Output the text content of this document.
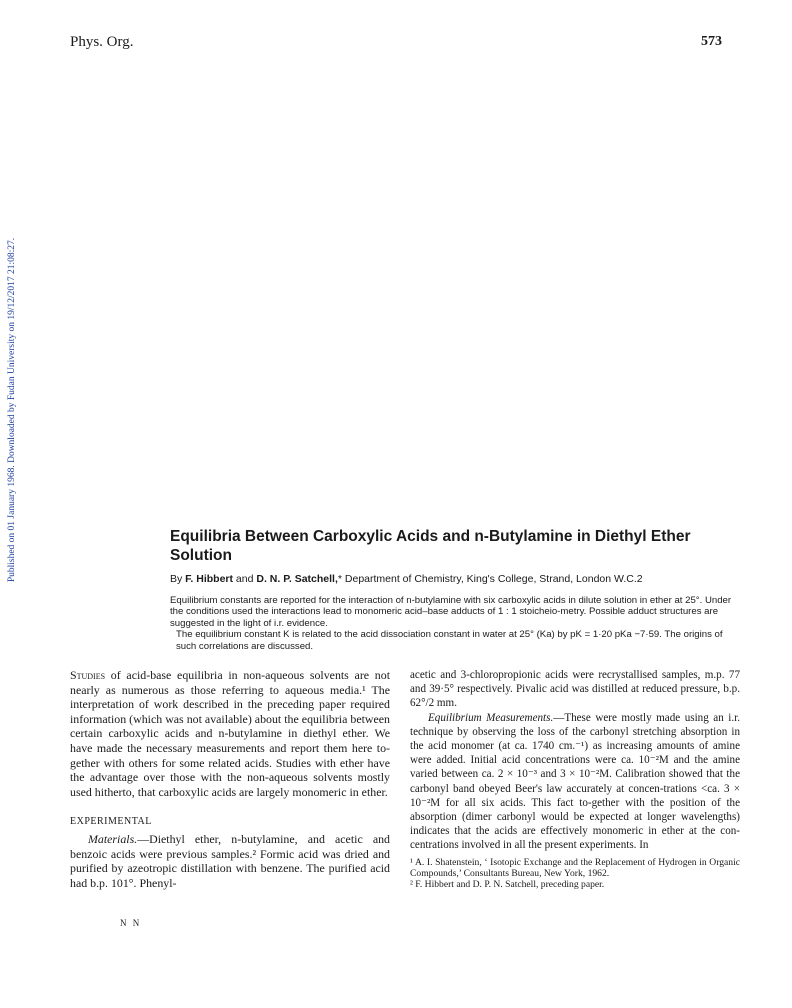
Phys. Org.	573
Published on 01 January 1968. Downloaded by Fudan University on 19/12/2017 21:08:27.	Equilibria Between Carboxylic Acids and n-Butylamine in Diethyl Ether Solution
By F. Hibbert and D. N. P. Satchell,* Department of Chemistry, King's College, Strand, London W.C.2

Equilibrium constants are reported for the interaction of n-butylamine with six carboxylic acids in dilute solution in ether at 25°. Under the conditions used the interactions lead to monomeric acid–base adducts of 1 : 1 stoicheio-metry. Possible adduct structures are suggested in the light of i.r. evidence.

The equilibrium constant K is related to the acid dissociation constant in water at 25° (Ka) by pK = 1·20 pKa −7·59. The origins of such correlations are discussed.

Studies of acid-base equilibria in non-aqueous solvents are not nearly as numerous as those referring to aqueous media.¹ The interpretation of work described in the preceding paper required information (which was not available) about the equilibria between certain carboxylic acids and n-butylamine in diethyl ether. We have made the necessary measurements and report them here to-gether with others for some related acids. Studies with ether have the advantage over those with the non-aqueous solvents mostly used hitherto, that carboxylic acids are largely monomeric in ether.

EXPERIMENTAL

Materials.—Diethyl ether, n-butylamine, and acetic and benzoic acids were previous samples.² Formic acid was dried and purified by azeotropic distillation with benzene. The purified acid had b.p. 101°. Phenyl-

N N

acetic and 3-chloropropionic acids were recrystallised samples, m.p. 77 and 39·5° respectively. Pivalic acid was distilled at reduced pressure, b.p. 62°/2 mm.

Equilibrium Measurements.—These were mostly made using an i.r. technique by observing the loss of the carbonyl stretching absorption in the acid monomer (at ca. 1740 cm.⁻¹) as increasing amounts of amine were added. Initial acid concentrations were ca. 10⁻²M and the amine varied between ca. 2 × 10⁻³ and 3 × 10⁻²M. Calibration showed that the carbonyl band obeyed Beer's law accurately at concen-trations <ca. 3 × 10⁻²M for all six acids. This fact to-gether with the position of the absorption (dimer carbonyl would be expected at longer wavelengths) indicates that the acids are effectively monomeric in ether at the con-centrations involved in all the present experiments. In

¹ A. I. Shatenstein, ‘ Isotopic Exchange and the Replacement of Hydrogen in Organic Compounds,’ Consultants Bureau, New York, 1962.

² F. Hibbert and D. P. N. Satchell, preceding paper.
